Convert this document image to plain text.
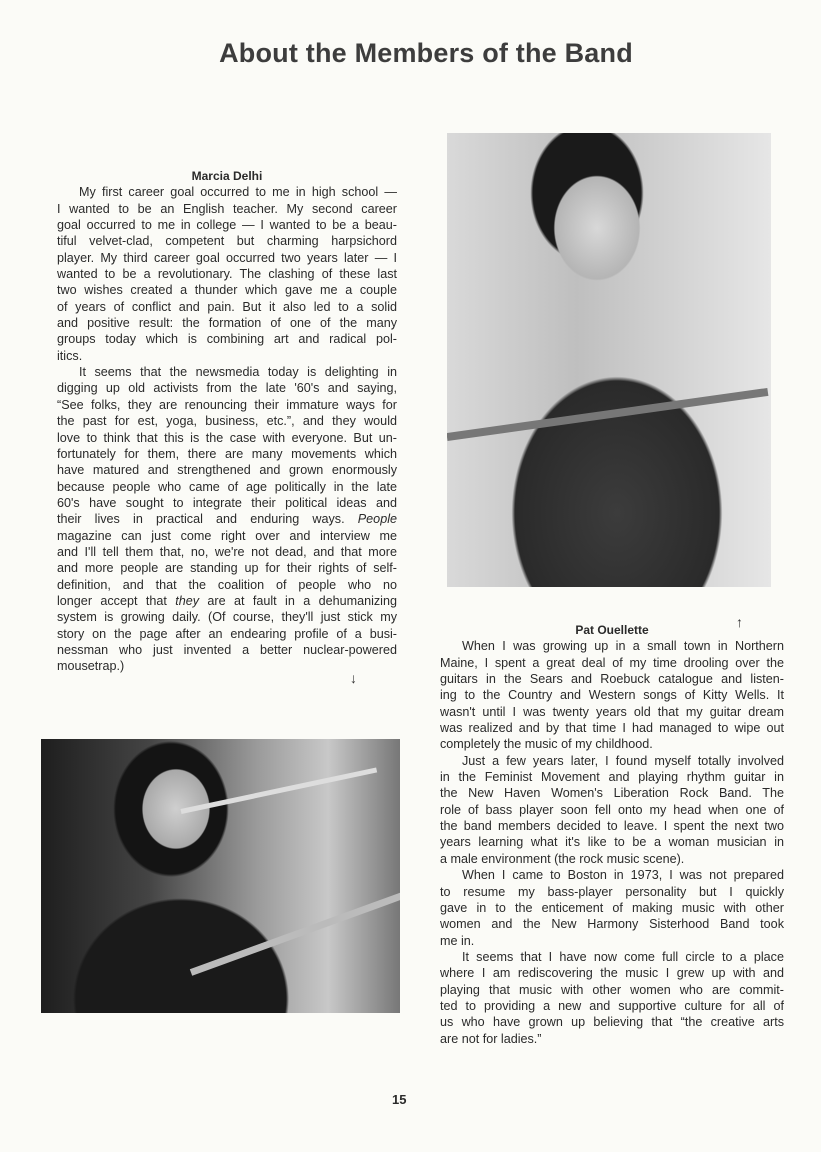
About the Members of the Band
Marcia Delhi
My first career goal occurred to me in high school —
I wanted to be an English teacher. My second career
goal occurred to me in college — I wanted to be a beau-
tiful velvet-clad, competent but charming harpsichord
player. My third career goal occurred two years later — I
wanted to be a revolutionary. The clashing of these last
two wishes created a thunder which gave me a couple
of years of conflict and pain. But it also led to a solid
and positive result: the formation of one of the many
groups today which is combining art and radical pol-
itics.
It seems that the newsmedia today is delighting in
digging up old activists from the late '60's and saying,
“See folks, they are renouncing their immature ways for
the past for est, yoga, business, etc.”, and they would
love to think that this is the case with everyone. But un-
fortunately for them, there are many movements which
have matured and strengthened and grown enormously
because people who came of age politically in the late
60's have sought to integrate their political ideas and
their lives in practical and enduring ways. People
magazine can just come right over and interview me
and I'll tell them that, no, we're not dead, and that more
and more people are standing up for their rights of self-
definition, and that the coalition of people who no
longer accept that they are at fault in a dehumanizing
system is growing daily. (Of course, they'll just stick my
story on the page after an endearing profile of a busi-
nessman who just invented a better nuclear-powered
mousetrap.)
↓
↑
Pat Ouellette
When I was growing up in a small town in Northern
Maine, I spent a great deal of my time drooling over the
guitars in the Sears and Roebuck catalogue and listen-
ing to the Country and Western songs of Kitty Wells. It
wasn't until I was twenty years old that my guitar dream
was realized and by that time I had managed to wipe out
completely the music of my childhood.
Just a few years later, I found myself totally involved
in the Feminist Movement and playing rhythm guitar in
the New Haven Women's Liberation Rock Band. The
role of bass player soon fell onto my head when one of
the band members decided to leave. I spent the next two
years learning what it's like to be a woman musician in
a male environment (the rock music scene).
When I came to Boston in 1973, I was not prepared
to resume my bass-player personality but I quickly
gave in to the enticement of making music with other
women and the New Harmony Sisterhood Band took
me in.
It seems that I have now come full circle to a place
where I am rediscovering the music I grew up with and
playing that music with other women who are commit-
ted to providing a new and supportive culture for all of
us who have grown up believing that “the creative arts
are not for ladies.”
15
